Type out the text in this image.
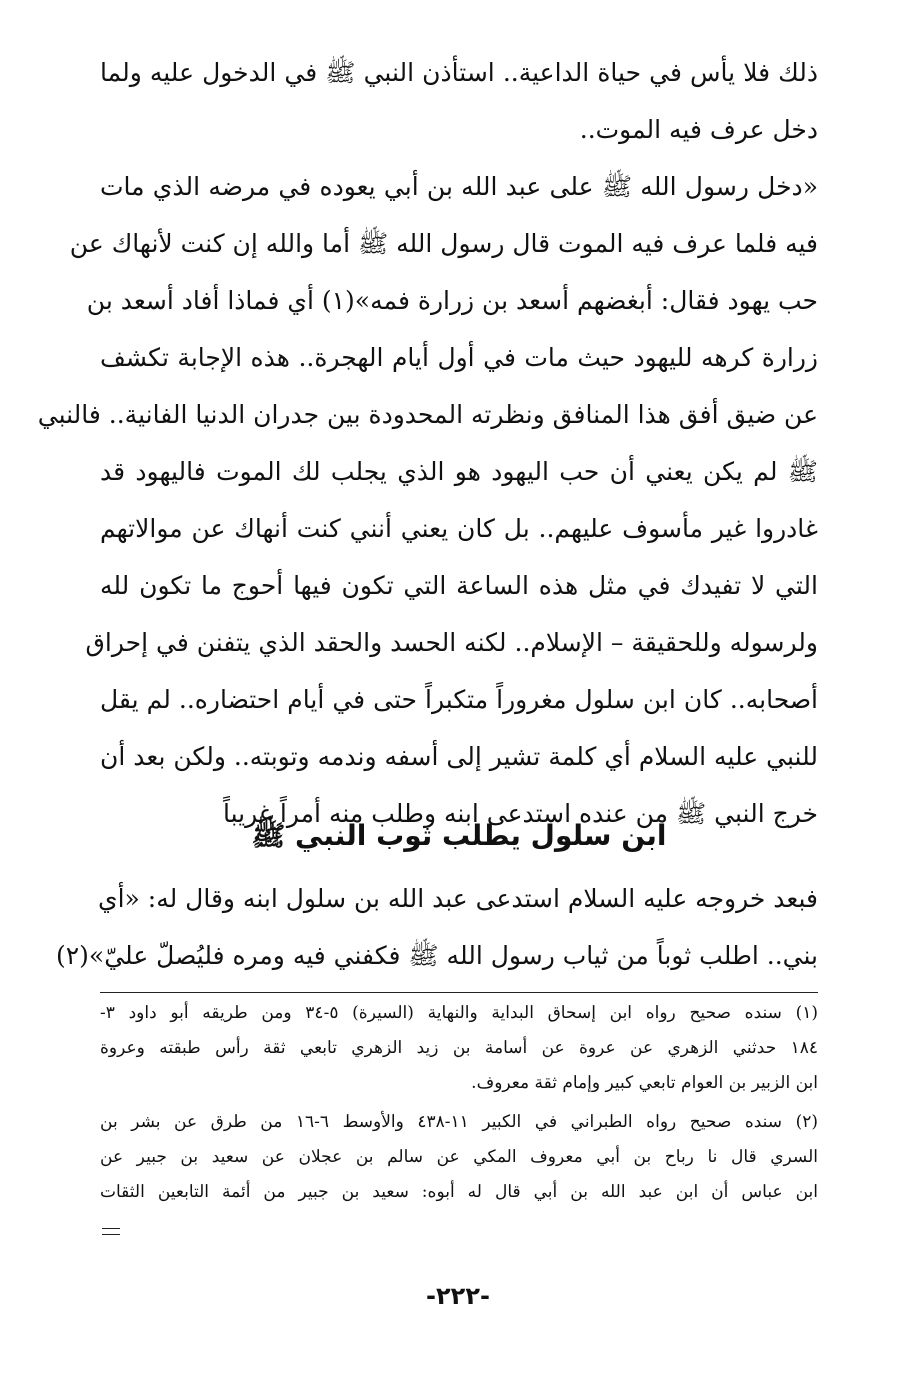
ذلك فلا يأس في حياة الداعية.. استأذن النبي ﷺ في الدخول عليه ولما
دخل عرف فيه الموت..
«دخل رسول الله ﷺ على عبد الله بن أبي يعوده في مرضه الذي مات
فيه فلما عرف فيه الموت قال رسول الله ﷺ أما والله إن كنت لأنهاك عن
حب يهود فقال: أبغضهم أسعد بن زرارة فمه»(١) أي فماذا أفاد أسعد بن
زرارة كرهه لليهود حيث مات في أول أيام الهجرة.. هذه الإجابة تكشف
عن ضيق أفق هذا المنافق ونظرته المحدودة بين جدران الدنيا الفانية.. فالنبي
ﷺ لم يكن يعني أن حب اليهود هو الذي يجلب لك الموت فاليهود قد
غادروا غير مأسوف عليهم.. بل كان يعني أنني كنت أنهاك عن موالاتهم
التي لا تفيدك في مثل هذه الساعة التي تكون فيها أحوج ما تكون لله
ولرسوله وللحقيقة – الإسلام.. لكنه الحسد والحقد الذي يتفنن في إحراق
أصحابه.. كان ابن سلول مغروراً متكبراً حتى في أيام احتضاره.. لم يقل
للنبي عليه السلام أي كلمة تشير إلى أسفه وندمه وتوبته.. ولكن بعد أن
خرج النبي ﷺ من عنده استدعى ابنه وطلب منه أمراً غريباً
ابن سلول يطلب ثوب النبي ﷺ
فبعد خروجه عليه السلام استدعى عبد الله بن سلول ابنه وقال له: «أي
بني.. اطلب ثوباً من ثياب رسول الله ﷺ فكفني فيه ومره فليُصلّ عليّ»(٢)
(١) سنده صحيح رواه ابن إسحاق البداية والنهاية (السيرة) ٥-٣٤ ومن طريقه أبو داود ٣-
١٨٤ حدثني الزهري عن عروة عن أسامة بن زيد الزهري تابعي ثقة رأس طبقته وعروة
ابن الزبير بن العوام تابعي كبير وإمام ثقة معروف.
(٢) سنده صحيح رواه الطبراني في الكبير ١١-٤٣٨ والأوسط ٦-١٦ من طرق عن بشر بن
السري قال نا رباح بن أبي معروف المكي عن سالم بن عجلان عن سعيد بن جبير عن
ابن عباس أن ابن عبد الله بن أبي قال له أبوه: سعيد بن جبير من أئمة التابعين الثقات
-٢٢٢-
